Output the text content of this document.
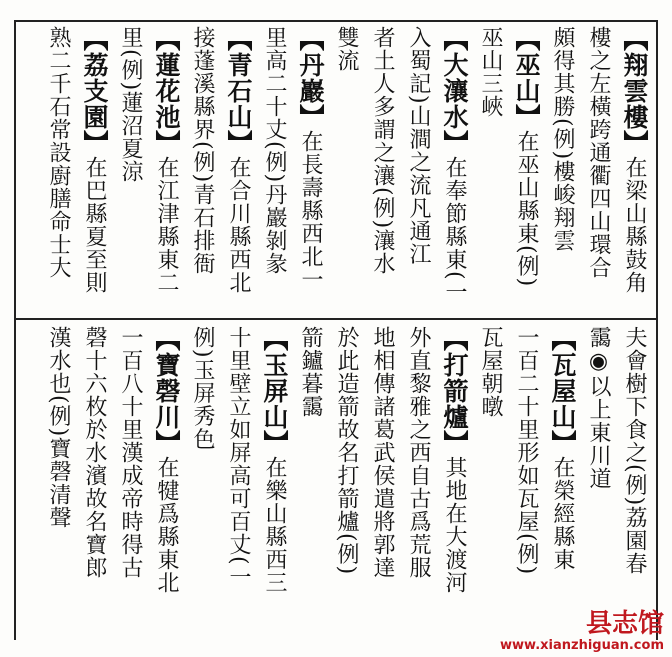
【翔雲樓】在梁山縣鼓角
樓之左橫跨通衢四山環合
頗得其勝(例)樓峻翔雲
【巫山】在巫山縣東(例)
巫山三峽
【大瀼水】在奉節縣東(一
入蜀記)山澗之流凡通江
者土人多謂之瀼(例)瀼水
雙流
【丹巖】在長壽縣西北一
里高二十丈(例)丹巖剝彖
【青石山】在合川縣西北
接蓬溪縣界(例)青石排衙
【蓮花池】在江津縣東二
里(例)蓮沼夏涼
【荔支園】在巴縣夏至則
熟二千石常設廚膳命士大
夫會樹下食之(例)荔園春
靄◉以上東川道
【瓦屋山】在榮經縣東
一百二十里形如瓦屋(例)
瓦屋朝暾
【打箭爐】其地在大渡河
外直黎雅之西自古爲荒服
地相傳諸葛武侯遣將郭達
於此造箭故名打箭爐(例)
箭鑪暮靄
【玉屏山】在樂山縣西三
十里壁立如屏高可百丈(一
例)玉屏秀色
【寶磬川】在犍爲縣東北
一百八十里漢成帝時得古
磬十六枚於水濱故名寶郎
漢水也(例)寶磬清聲
县志馆
www.xianzhiguan.com
